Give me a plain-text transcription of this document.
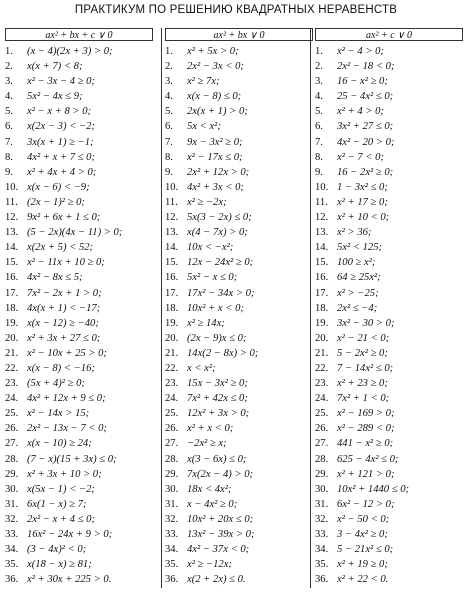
ПРАКТИКУМ ПО РЕШЕНИЮ КВАДРАТНЫХ НЕРАВЕНСТВ
ax² + bx + c ∨ 0
1.	(x − 4)(2x + 3) > 0;
2.	x(x + 7) < 8;
3.	x² − 3x − 4 ≥ 0;
4.	5x² − 4x ≤ 9;
5.	x² − x + 8 > 0;
6.	x(2x − 3) < −2;
7.	3x(x + 1) ≥ −1;
8.	4x² + x + 7 ≤ 0;
9.	x² + 4x + 4 > 0;
10. x(x − 6) < −9;
11. (2x − 1)² ≥ 0;
12. 9x² + 6x + 1 ≤ 0;
13. (5 − 2x)(4x − 11) > 0;
14. x(2x + 5) < 52;
15. x² − 11x + 10 ≥ 0;
16. 4x² − 8x ≤ 5;
17. 7x² − 2x + 1 > 0;
18. 4x(x + 1) < −17;
19. x(x − 12) ≥ −40;
20. x² + 3x + 27 ≤ 0;
21. x² − 10x + 25 > 0;
22. x(x − 8) < −16;
23. (5x + 4)² ≥ 0;
24. 4x² + 12x + 9 ≤ 0;
25. x² − 14x > 15;
26. 2x² − 13x − 7 < 0;
27. x(x − 10) ≥ 24;
28. (7 − x)(15 + 3x) ≤ 0;
29. x² + 3x + 10 > 0;
30. x(5x − 1) < −2;
31. 6x(1 − x) ≥ 7;
32. 2x² − x + 4 ≤ 0;
33. 16x² − 24x + 9 > 0;
34. (3 − 4x)² < 0;
35. x(18 − x) ≥ 81;
36. x² + 30x + 225 > 0.
ax² + bx ∨ 0
1.	x² + 5x > 0;
2.	2x² − 3x < 0;
3.	x² ≥ 7x;
4.	x(x − 8) ≤ 0;
5.	2x(x + 1) > 0;
6.	5x < x²;
7.	9x − 3x² ≥ 0;
8.	x² − 17x ≤ 0;
9.	2x² + 12x > 0;
10. 4x² + 3x < 0;
11. x² ≥ −2x;
12. 5x(3 − 2x) ≤ 0;
13. x(4 − 7x) > 0;
14. 10x < −x²;
15. 12x − 24x² ≥ 0;
16. 5x² − x ≤ 0;
17. 17x² − 34x > 0;
18. 10x² + x < 0;
19. x² ≥ 14x;
20. (2x − 9)x ≤ 0;
21. 14x(2 − 8x) > 0;
22. x < x²;
23. 15x − 3x² ≥ 0;
24. 7x² + 42x ≤ 0;
25. 12x² + 3x > 0;
26. x² + x < 0;
27. −2x² ≥ x;
28. x(3 − 6x) ≤ 0;
29. 7x(2x − 4) > 0;
30. 18x < 4x²;
31. x − 4x² ≥ 0;
32. 10x² + 20x ≤ 0;
33. 13x² − 39x > 0;
34. 4x² − 37x < 0;
35. x² ≥ −12x;
36. x(2 + 2x) ≤ 0.
ax² + c ∨ 0
1.	x² − 4 > 0;
2.	2x² − 18 < 0;
3.	16 − x² ≥ 0;
4.	25 − 4x² ≤ 0;
5.	x² + 4 > 0;
6.	3x² + 27 ≤ 0;
7.	4x² − 20 > 0;
8.	x² − 7 < 0;
9.	16 − 2x² ≥ 0;
10. 1 − 3x² ≤ 0;
11. x² + 17 ≥ 0;
12. x² + 10 < 0;
13. x² > 36;
14. 5x² < 125;
15. 100 ≥ x²;
16. 64 ≥ 25x²;
17. x² > −25;
18. 2x² ≤ −4;
19. 3x² − 30 > 0;
20. x² − 21 < 0;
21. 5 − 2x² ≥ 0;
22. 7 − 14x² ≤ 0;
23. x² + 23 ≥ 0;
24. 7x² + 1 < 0;
25. x² − 169 > 0;
26. x² − 289 < 0;
27. 441 − x² ≥ 0;
28. 625 − 4x² ≤ 0;
29. x² + 121 > 0;
30. 10x² + 1440 ≤ 0;
31. 6x² − 12 > 0;
32. x² − 50 < 0;
33. 3 − 4x² ≥ 0;
34. 5 − 21x² ≤ 0;
35. x² + 19 ≥ 0;
36. x² + 22 < 0.
